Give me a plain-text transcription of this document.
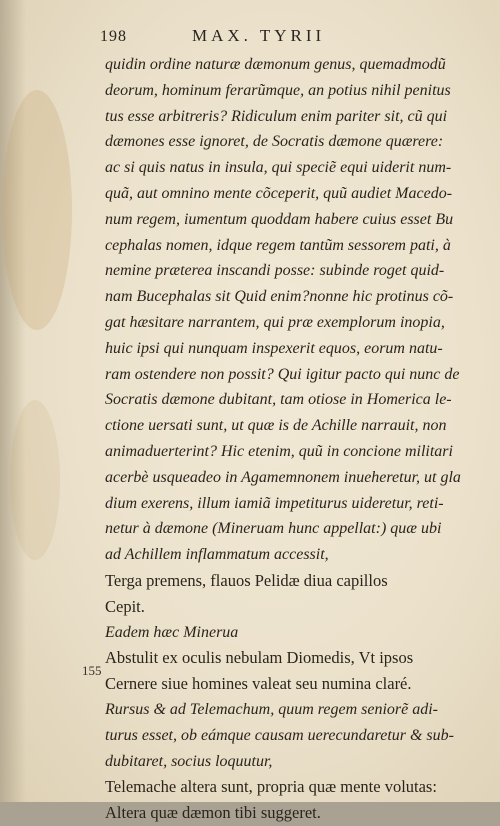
198	MAX. TYRII
155
quidin ordine naturæ dæmonum genus, quemadmodũ
deorum, hominum ferarũmque, an potius nihil penitus
tus esse arbitreris? Ridiculum enim pariter sit, cũ qui
dæmones esse ignoret, de Socratis dæmone quærere:
ac si quis natus in insula, qui speciẽ equi uiderit num-
quã, aut omnino mente cõceperit, quũ audiet Macedo-
num regem, iumentum quoddam habere cuius esset Bu
cephalas nomen, idque regem tantũm sessorem pati, à
nemine præterea inscandi posse: subinde roget quid-
nam Bucephalas sit Quid enim?nonne hic protinus cõ-
gat hæsitare narrantem, qui præ exemplorum inopia,
huic ipsi qui nunquam inspexerit equos, eorum natu-
ram ostendere non possit? Qui igitur pacto qui nunc de
Socratis dæmone dubitant, tam otiose in Homerica le-
ctione uersati sunt, ut quæ is de Achille narrauit, non
animaduerterint? Hic etenim, quũ in concione militari
acerbè usqueadeo in Agamemnonem inueheretur, ut gla
dium exerens, illum iamiã impetiturus uideretur, reti-
netur à dæmone (Mineruam hunc appellat:) quæ ubi
ad Achillem inflammatum accessit,
Terga premens, flauos Pelidæ diua capillos
Cepit.
Eadem hæc Minerua
Abstulit ex oculis nebulam Diomedis, Vt ipsos
Cernere siue homines valeat seu numina claré.
Rursus & ad Telemachum, quum regem seniorẽ adi-
turus esset, ob eámque causam uerecundaretur & sub-
dubitaret, socius loquutur,
Telemache altera sunt, propria quæ mente volutas:
Altera quæ dæmon tibi suggeret.
